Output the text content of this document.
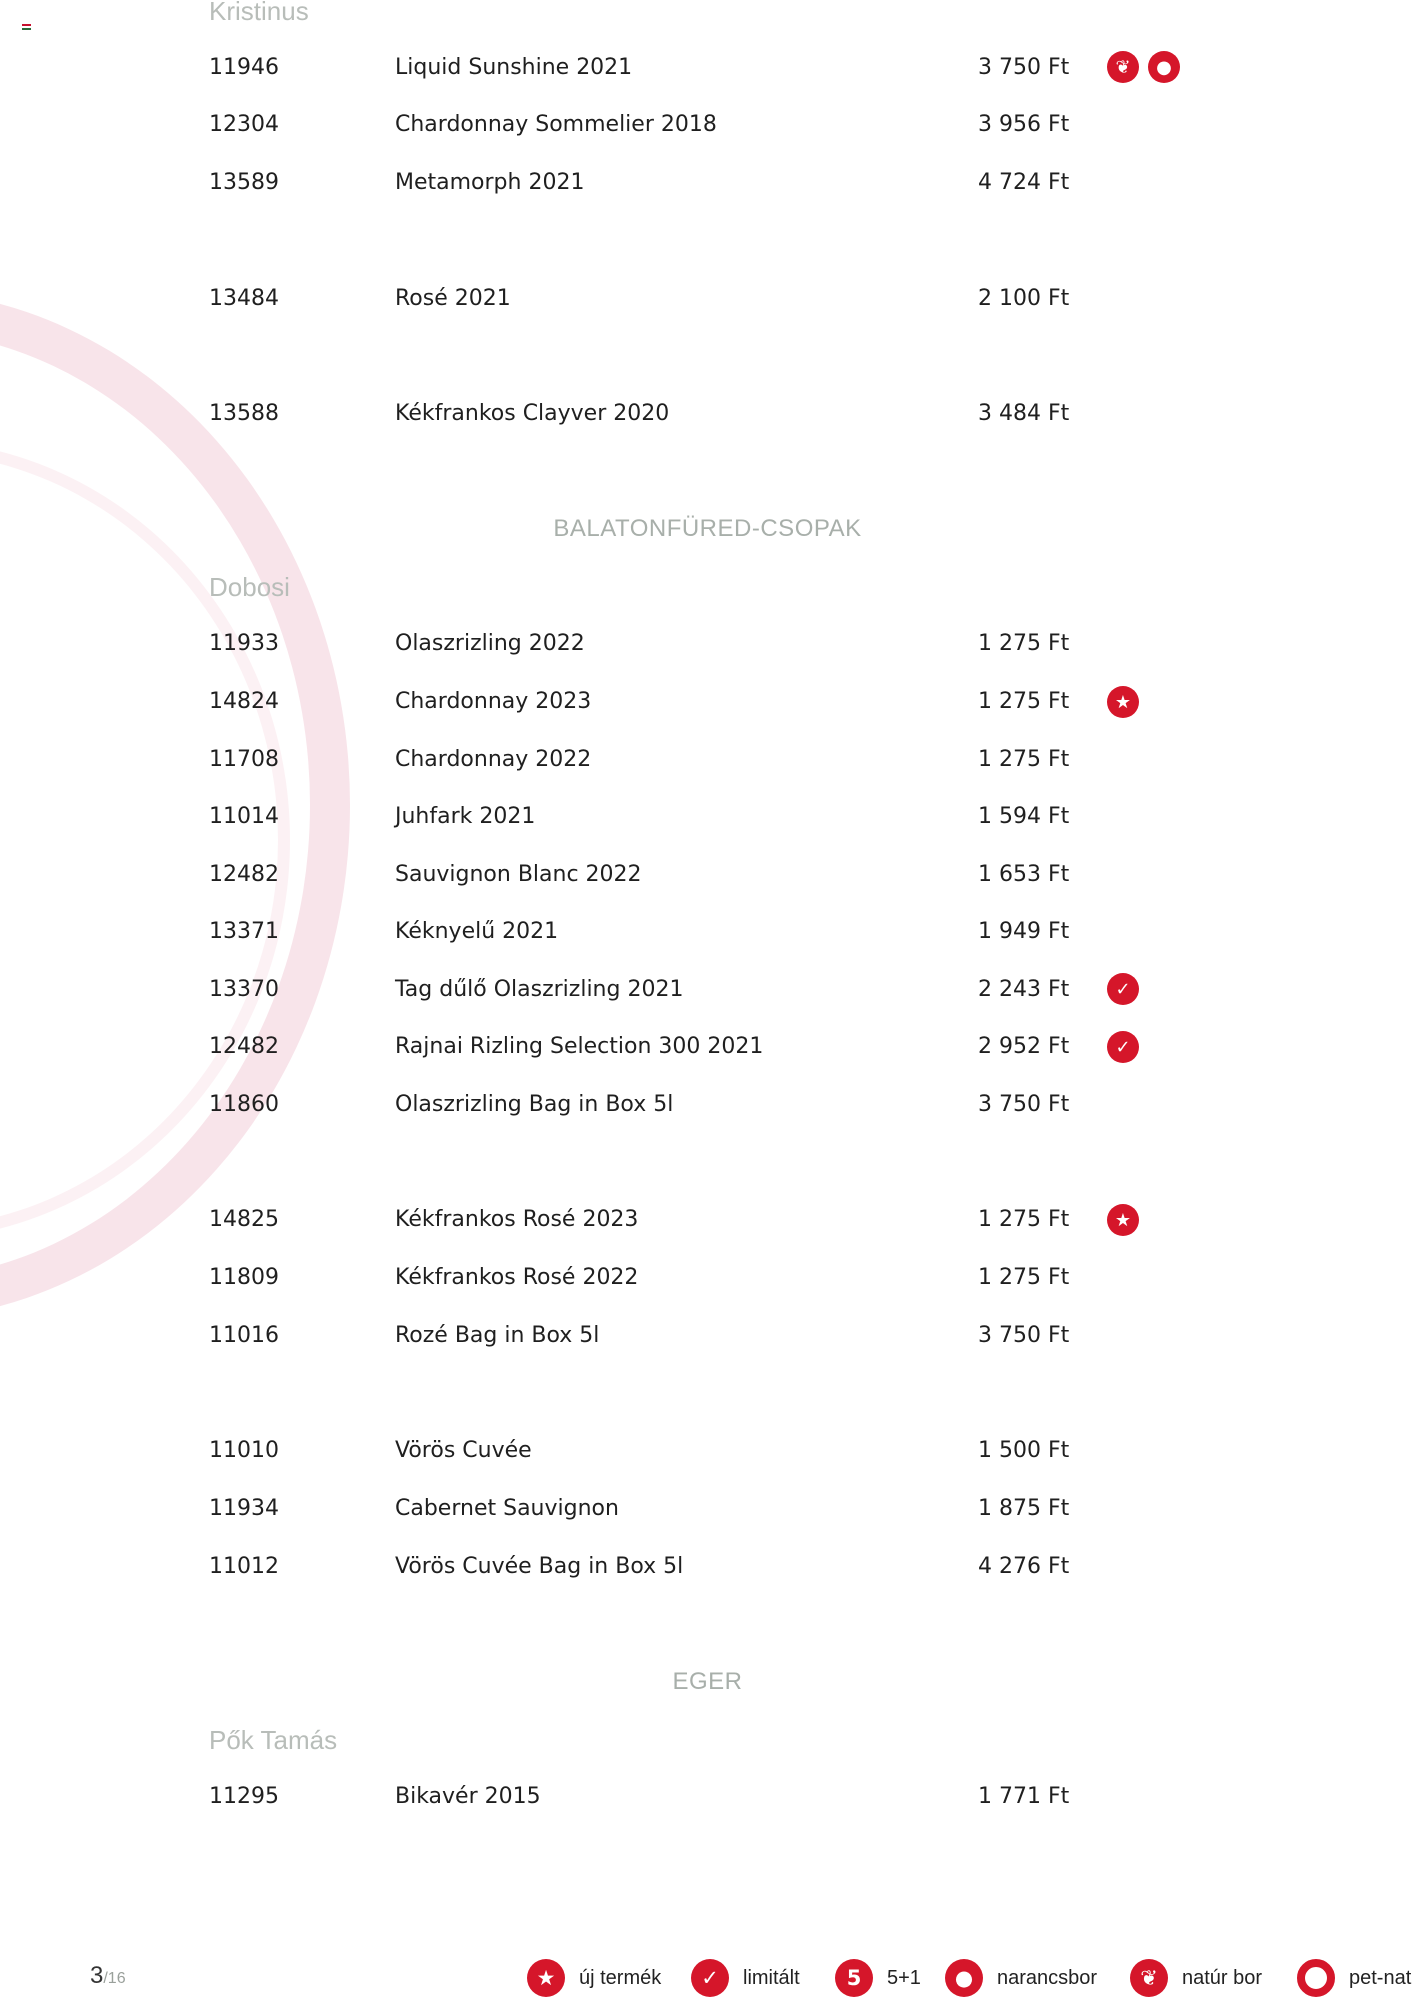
Kristinus
11946	Liquid Sunshine 2021	3 750 Ft	❦	●
12304	Chardonnay Sommelier 2018	3 956 Ft
13589	Metamorph 2021	4 724 Ft
13484	Rosé 2021	2 100 Ft
13588	Kékfrankos Clayver 2020	3 484 Ft
BALATONFÜRED-CSOPAK
Dobosi
11933	Olaszrizling 2022	1 275 Ft
14824	Chardonnay 2023	1 275 Ft	★
11708	Chardonnay 2022	1 275 Ft
11014	Juhfark 2021	1 594 Ft
12482	Sauvignon Blanc 2022	1 653 Ft
13371	Kéknyelű 2021	1 949 Ft
13370	Tag dűlő Olaszrizling 2021	2 243 Ft	✓
12482	Rajnai Rizling Selection 300 2021	2 952 Ft	✓
11860	Olaszrizling Bag in Box 5l	3 750 Ft
14825	Kékfrankos Rosé 2023	1 275 Ft	★
11809	Kékfrankos Rosé 2022	1 275 Ft
11016	Rozé Bag in Box 5l	3 750 Ft
11010	Vörös Cuvée	1 500 Ft
11934	Cabernet Sauvignon	1 875 Ft
11012	Vörös Cuvée Bag in Box 5l	4 276 Ft
EGER
Pők Tamás
11295	Bikavér 2015	1 771 Ft
3/16	★	új termék	✓	limitált	5	5+1	●	narancsbor	❦	natúr bor	pet-nat
